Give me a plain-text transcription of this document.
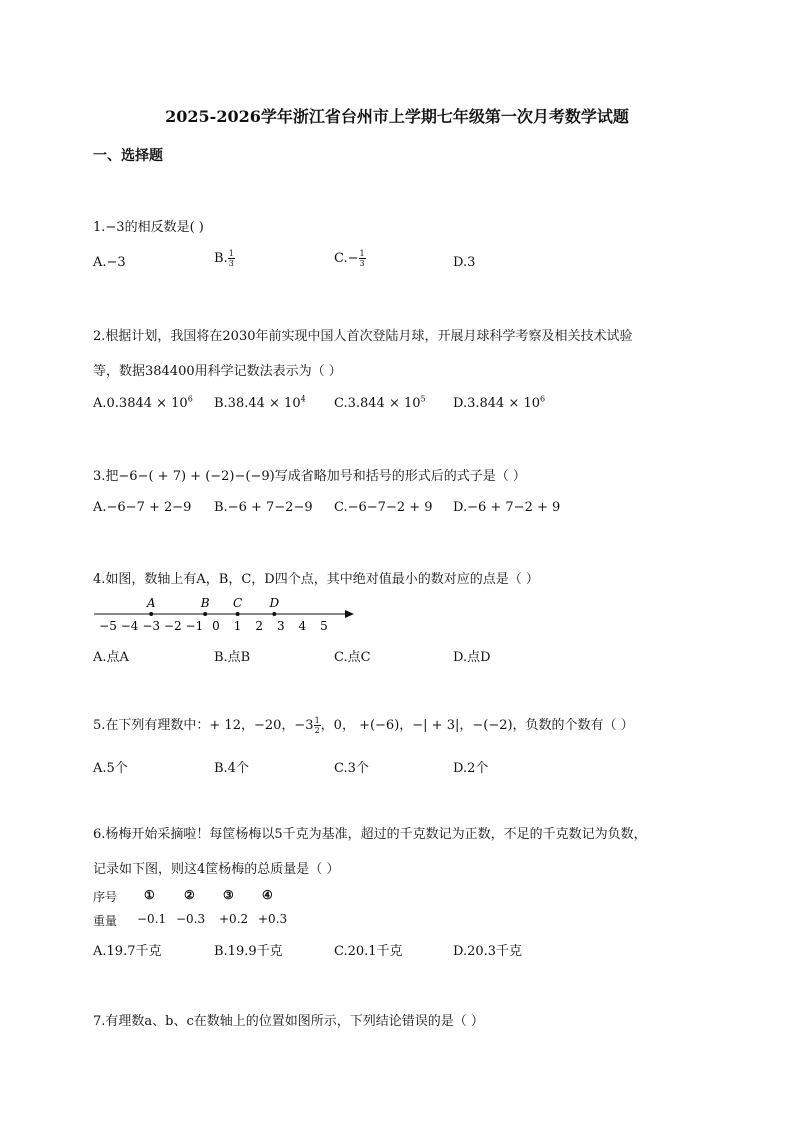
2025-2026学年浙江省台州市上学期七年级第一次月考数学试题
一、选择题
1.−3的相反数是( )
A.−3	B. $\frac{1}{3}$	$C.- \frac{1}{3}$	D.3
2.根据计划，我国将在2030年前实现中国人首次登陆月球，开展月球科学考察及相关技术试验
等，数据384400用科学记数法表示为（ ）
$A.0.3844 \times 10^6$ $B.38.44 \times 10^4$ $C.3.844 \times 10^5$ $D.3.844 \times 10^6$
3.把−6−( + 7) + (−2)−(−9)写成省略加号和括号的形式后的式子是（ ）
A.−6−7 + 2−9 B.−6 + 7−2−9 C.−6−7−2 + 9 D.−6 + 7−2 + 9
4.如图，数轴上有A，B，C，D四个点，其中绝对值最小的数对应的点是（ ）
−5 −4 −3 −2 −1 0 1 2 3 4 5
A	B C D
A.点A	B.点B	C.点C	D.点D
5.在下列有理数中：+ 12，−20，$-3 \frac{1}{2}$ ，0， +(−6)，−| + 3|，−(−2)，负数的个数有（ ）
A.5个	B.4个	C.3个	D.2个
6.杨梅开始采摘啦！每筐杨梅以5千克为基准，超过的千克数记为正数，不足的千克数记为负数，
记录如下图，则这4筐杨梅的总质量是（ ）
序号 ① ② ③ ④
重量 −0.1 −0.3 +0.2 +0.3
A.19.7千克	B.19.9千克	C.20.1千克	D.20.3千克
7.有理数a、b、c在数轴上的位置如图所示，下列结论错误的是（ ）
